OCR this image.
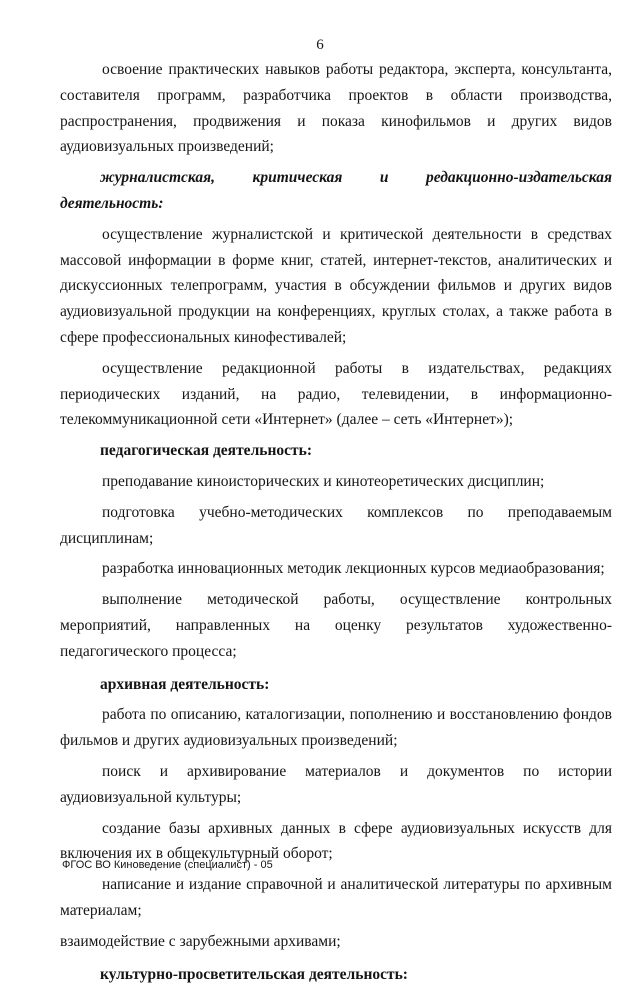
6

освоение практических навыков работы редактора, эксперта, консультанта, составителя программ, разработчика проектов в области производства, распространения, продвижения и показа кинофильмов и других видов аудиовизуальных произведений;

журналистская, критическая и редакционно-издательская деятельность:

осуществление журналистской и критической деятельности в средствах массовой информации в форме книг, статей, интернет-текстов, аналитических и дискуссионных телепрограмм, участия в обсуждении фильмов и других видов аудиовизуальной продукции на конференциях, круглых столах, а также работа в сфере профессиональных кинофестивалей;

осуществление редакционной работы в издательствах, редакциях периодических изданий, на радио, телевидении, в информационно-телекоммуникационной сети «Интернет» (далее – сеть «Интернет»);

педагогическая деятельность:

преподавание киноисторических и кинотеоретических дисциплин;

подготовка учебно-методических комплексов по преподаваемым дисциплинам;

разработка инновационных методик лекционных курсов медиаобразования;

выполнение методической работы, осуществление контрольных мероприятий, направленных на оценку результатов художественно-педагогического процесса;

архивная деятельность:

работа по описанию, каталогизации, пополнению и восстановлению фондов фильмов и других аудиовизуальных произведений;

поиск и архивирование материалов и документов по истории аудиовизуальной культуры;

создание базы архивных данных в сфере аудиовизуальных искусств для включения их в общекультурный оборот;

написание и издание справочной и аналитической литературы по архивным материалам;

взаимодействие с зарубежными архивами;

культурно-просветительская деятельность:

ФГОС ВО Киноведение (специалист) - 05
